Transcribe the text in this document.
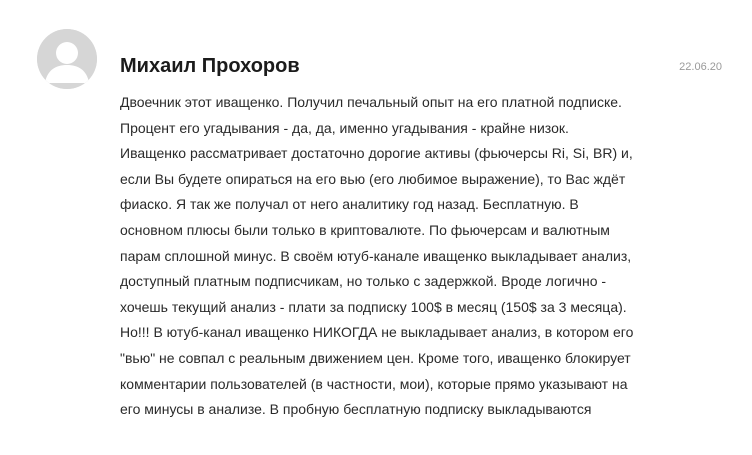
Михаил Прохоров	22.06.20
Двоечник этот иващенко. Получил печальный опыт на его платной подписке.
Процент его угадывания - да, да, именно угадывания - крайне низок.
Иващенко рассматривает достаточно дорогие активы (фьючерсы Ri, Si, BR) и,
если Вы будете опираться на его вью (его любимое выражение), то Вас ждёт
фиаско. Я так же получал от него аналитику год назад. Бесплатную. В
основном плюсы были только в криптовалюте. По фьючерсам и валютным
парам сплошной минус. В своём ютуб-канале иващенко выкладывает анализ,
доступный платным подписчикам, но только с задержкой. Вроде логично -
хочешь текущий анализ - плати за подписку 100$ в месяц (150$ за 3 месяца).
Но!!! В ютуб-канал иващенко НИКОГДА не выкладывает анализ, в котором его
"вью" не совпал с реальным движением цен. Кроме того, иващенко блокирует
комментарии пользователей (в частности, мои), которые прямо указывают на
его минусы в анализе. В пробную бесплатную подписку выкладываются
